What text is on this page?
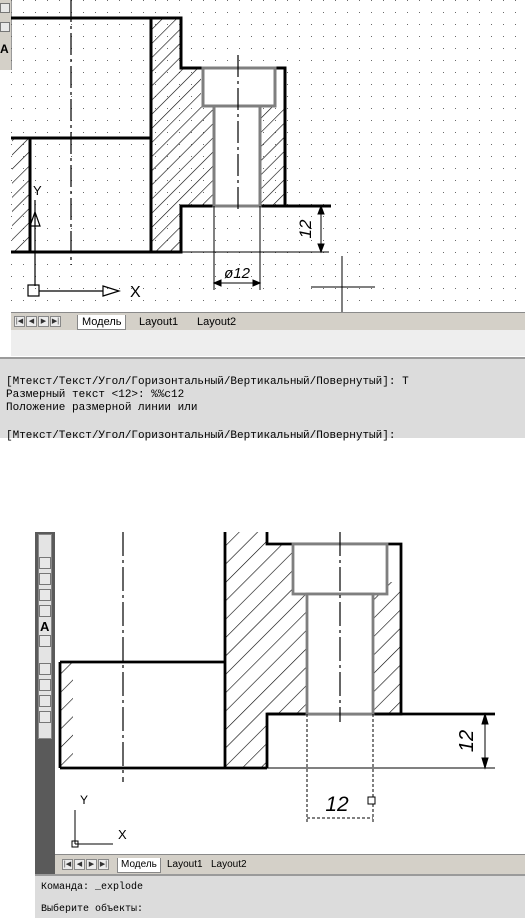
A
12
ø12
Y
X
|◀ ◀ ▶ ▶|	Модель	Layout1 Layout2
[Мтекст/Текст/Угол/Горизонтальный/Вертикальный/Повернутый]: Т
Размерный текст <12>: %%c12
Положение размерной линии или
[Мтекст/Текст/Угол/Горизонтальный/Вертикальный/Повернутый]:
A
12
12
Y
X
|◀ ◀ ▶ ▶|	Модель	Layout1 Layout2
Команда: _explode
Выберите объекты:
